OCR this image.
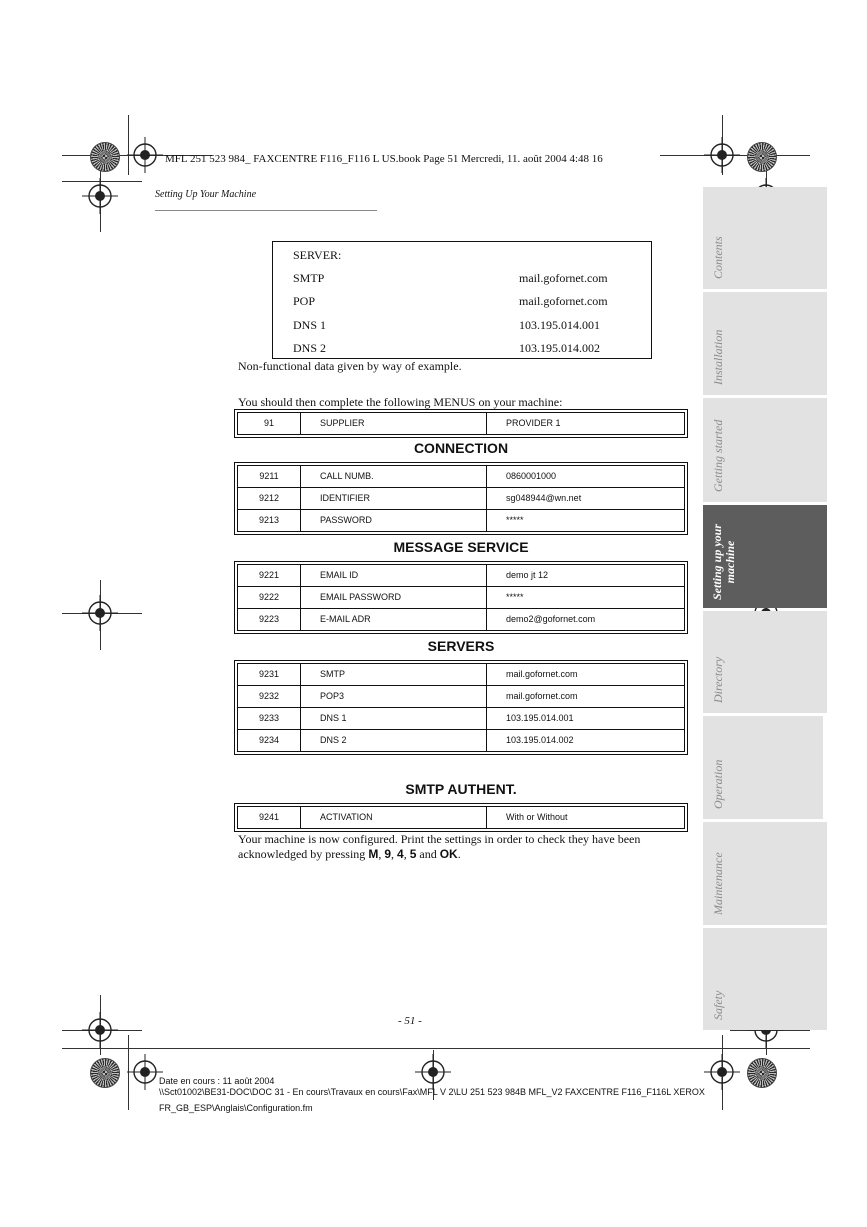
MFL 251 523 984_ FAXCENTRE F116_F116 L US.book Page 51 Mercredi, 11. août 2004 4:48 16
Setting Up Your Machine
SERVER:
SMTP	mail.gofornet.com
POP	mail.gofornet.com
DNS 1	103.195.014.001
DNS 2	103.195.014.002
Non-functional data given by way of example.
You should then complete the following MENUS on your machine:
91	SUPPLIER	PROVIDER 1
CONNECTION
9211	CALL NUMB.	0860001000
9212	IDENTIFIER	sg048944@wn.net
9213	PASSWORD	*****
MESSAGE SERVICE
9221	EMAIL ID	demo jt 12
9222	EMAIL PASSWORD	*****
9223	E-MAIL ADR	demo2@gofornet.com
SERVERS
9231	SMTP	mail.gofornet.com
9232	POP3	mail.gofornet.com
9233	DNS 1	103.195.014.001
9234	DNS 2	103.195.014.002
SMTP AUTHENT.
9241	ACTIVATION	With or Without
Your machine is now configured. Print the settings in order to check they have been
acknowledged by pressing M, 9, 4, 5 and OK.
Contents
Installation
Getting started
Setting up your machine
Directory
Operation
Maintenance
Safety
- 51 -
Date en cours : 11 août 2004
\\Sct01002\BE31-DOC\DOC 31 - En cours\Travaux en cours\Fax\MFL V 2\LU 251 523 984B MFL_V2 FAXCENTRE F116_F116L XEROX
FR_GB_ESP\Anglais\Configuration.fm
